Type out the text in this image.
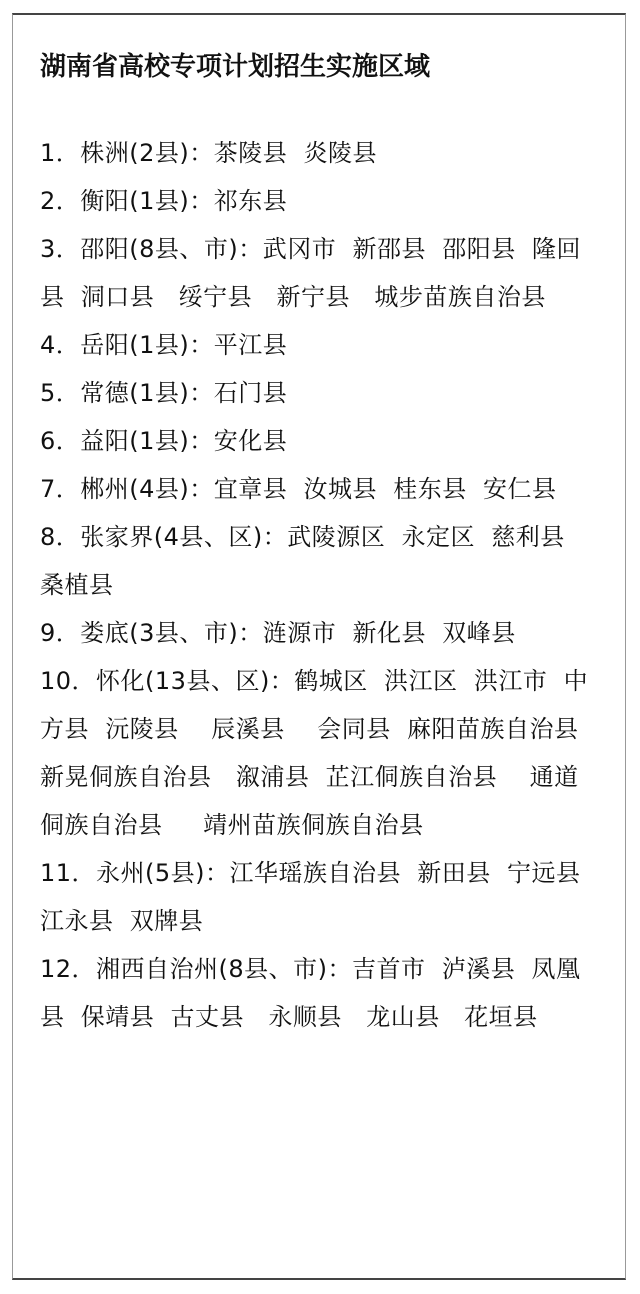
湖南省高校专项计划招生实施区域
1．株洲(2县)：茶陵县  炎陵县
2．衡阳(1县)：祁东县
3．邵阳(8县、市)：武冈市  新邵县  邵阳县  隆回县  洞口县   绥宁县   新宁县   城步苗族自治县
4．岳阳(1县)：平江县
5．常德(1县)：石门县
6．益阳(1县)：安化县
7．郴州(4县)：宜章县  汝城县  桂东县  安仁县
8．张家界(4县、区)：武陵源区  永定区  慈利县  桑植县
9．娄底(3县、市)：涟源市  新化县  双峰县
10．怀化(13县、区)：鹤城区  洪江区  洪江市  中方县  沅陵县    辰溪县    会同县  麻阳苗族自治县    新晃侗族自治县   溆浦县  芷江侗族自治县    通道侗族自治县     靖州苗族侗族自治县
11．永州(5县)：江华瑶族自治县  新田县  宁远县  江永县  双牌县
12．湘西自治州(8县、市)：吉首市  泸溪县  凤凰县  保靖县  古丈县   永顺县   龙山县   花垣县
